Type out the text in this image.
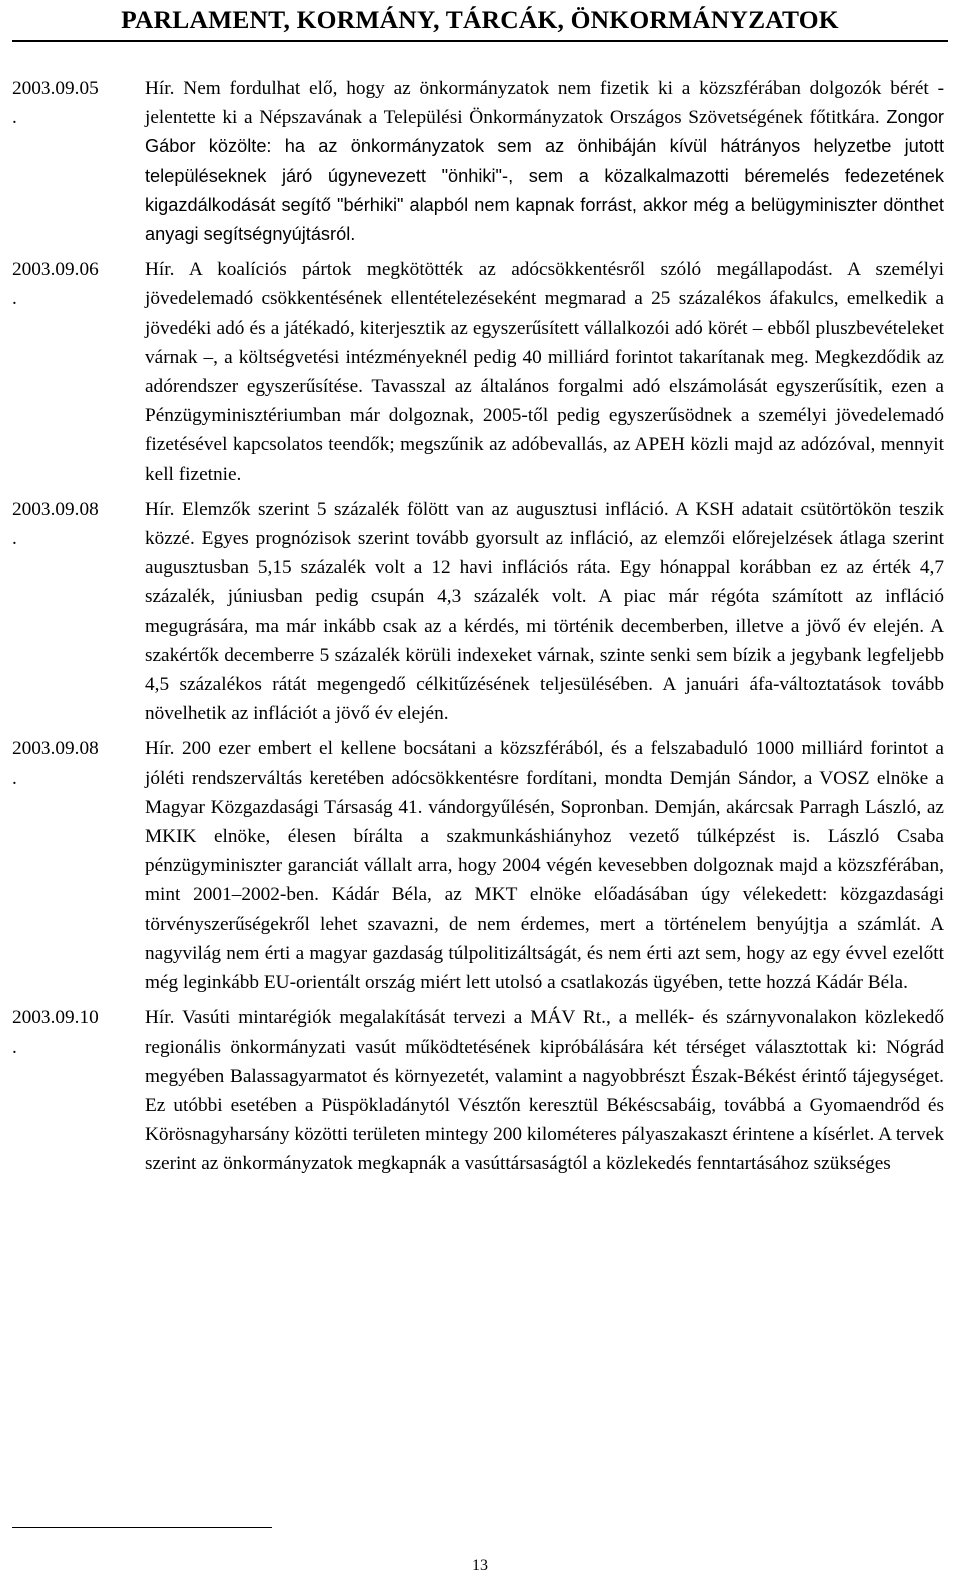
PARLAMENT, KORMÁNY, TÁRCÁK, ÖNKORMÁNYZATOK
2003.09.05
.
Hír. Nem fordulhat elő, hogy az önkormányzatok nem fizetik ki a közszférában dolgozók bérét - jelentette ki a Népszavának a Települési Önkormányzatok Országos Szövetségének főtitkára. Zongor Gábor közölte: ha az önkormányzatok sem az önhibáján kívül hátrányos helyzetbe jutott településeknek járó úgynevezett "önhiki"-, sem a közalkalmazotti béremelés fedezetének kigazdálkodását segítő "bérhiki" alapból nem kapnak forrást, akkor még a belügyminiszter dönthet anyagi segítségnyújtásról.
2003.09.06
.
Hír. A koalíciós pártok megkötötték az adócsökkentésről szóló megállapodást. A személyi jövedelemadó csökkentésének ellentételezéseként megmarad a 25 százalékos áfakulcs, emelkedik a jövedéki adó és a játékadó, kiterjesztik az egyszerűsített vállalkozói adó körét – ebből pluszbevételeket várnak –, a költségvetési intézményeknél pedig 40 milliárd forintot takarítanak meg. Megkezdődik az adórendszer egyszerűsítése. Tavasszal az általános forgalmi adó elszámolását egyszerűsítik, ezen a Pénzügyminisztériumban már dolgoznak, 2005-től pedig egyszerűsödnek a személyi jövedelemadó fizetésével kapcsolatos teendők; megszűnik az adóbevallás, az APEH közli majd az adózóval, mennyit kell fizetnie.
2003.09.08
.
Hír. Elemzők szerint 5 százalék fölött van az augusztusi infláció. A KSH adatait csütörtökön teszik közzé. Egyes prognózisok szerint tovább gyorsult az infláció, az elemzői előrejelzések átlaga szerint augusztusban 5,15 százalék volt a 12 havi inflációs ráta. Egy hónappal korábban ez az érték 4,7 százalék, júniusban pedig csupán 4,3 százalék volt. A piac már régóta számított az infláció megugrására, ma már inkább csak az a kérdés, mi történik decemberben, illetve a jövő év elején. A szakértők decemberre 5 százalék körüli indexeket várnak, szinte senki sem bízik a jegybank legfeljebb 4,5 százalékos rátát megengedő célkitűzésének teljesülésében. A januári áfa-változtatások tovább növelhetik az inflációt a jövő év elején.
2003.09.08
.
Hír. 200 ezer embert el kellene bocsátani a közszférából, és a felszabaduló 1000 milliárd forintot a jóléti rendszerváltás keretében adócsökkentésre fordítani, mondta Demján Sándor, a VOSZ elnöke a Magyar Közgazdasági Társaság 41. vándorgyűlésén, Sopronban. Demján, akárcsak Parragh László, az MKIK elnöke, élesen bírálta a szakmunkáshiányhoz vezető túlképzést is. László Csaba pénzügyminiszter garanciát vállalt arra, hogy 2004 végén kevesebben dolgoznak majd a közszférában, mint 2001–2002-ben. Kádár Béla, az MKT elnöke előadásában úgy vélekedett: közgazdasági törvényszerűségekről lehet szavazni, de nem érdemes, mert a történelem benyújtja a számlát. A nagyvilág nem érti a magyar gazdaság túlpolitizáltságát, és nem érti azt sem, hogy az egy évvel ezelőtt még leginkább EU-orientált ország miért lett utolsó a csatlakozás ügyében, tette hozzá Kádár Béla.
2003.09.10
.
Hír. Vasúti mintarégiók megalakítását tervezi a MÁV Rt., a mellék- és szárnyvonalakon közlekedő regionális önkormányzati vasút működtetésének kipróbálására két térséget választottak ki: Nógrád megyében Balassagyarmatot és környezetét, valamint a nagyobbrészt Észak-Békést érintő tájegységet. Ez utóbbi esetében a Püspökladánytól Vésztőn keresztül Békéscsabáig, továbbá a Gyomaendrőd és Körösnagyharsány közötti területen mintegy 200 kilométeres pályaszakaszt érintene a kísérlet. A tervek szerint az önkormányzatok megkapnák a vasúttársaságtól a közlekedés fenntartásához szükséges
13
